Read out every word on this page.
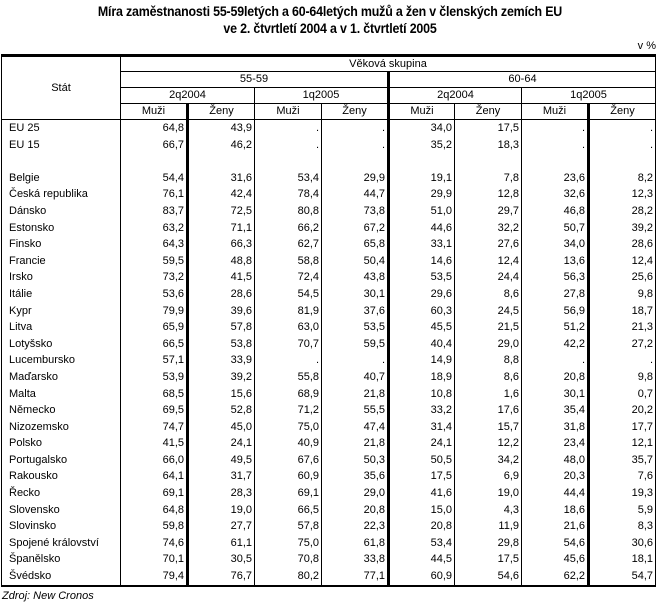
Míra zaměstnanosti 55-59letých a 60-64letých mužů a žen v členských zemích EU
ve 2. čtvrtletí 2004 a v 1. čtvrtletí 2005
v %
Stát	Věková skupina							
	55-59				60-64			
	2q2004		1q2005		2q2004		1q2005	
	Muži	Ženy	Muži	Ženy	Muži	Ženy	Muži	Ženy
EU 25	64,8	43,9	.	.	34,0	17,5	.	.
EU 15	66,7	46,2	.	.	35,2	18,3	.	.

Belgie	54,4	31,6	53,4	29,9	19,1	7,8	23,6	8,2
Česká republika	76,1	42,4	78,4	44,7	29,9	12,8	32,6	12,3
Dánsko	83,7	72,5	80,8	73,8	51,0	29,7	46,8	28,2
Estonsko	63,2	71,1	66,2	67,2	44,6	32,2	50,7	39,2
Finsko	64,3	66,3	62,7	65,8	33,1	27,6	34,0	28,6
Francie	59,5	48,8	58,8	50,4	14,6	12,4	13,6	12,4
Irsko	73,2	41,5	72,4	43,8	53,5	24,4	56,3	25,6
Itálie	53,6	28,6	54,5	30,1	29,6	8,6	27,8	9,8
Kypr	79,9	39,6	81,9	37,6	60,3	24,5	56,9	18,7
Litva	65,9	57,8	63,0	53,5	45,5	21,5	51,2	21,3
Lotyšsko	66,5	53,8	70,7	59,5	40,4	29,0	42,2	27,2
Lucembursko	57,1	33,9	.	.	14,9	8,8	.	.
Maďarsko	53,9	39,2	55,8	40,7	18,9	8,6	20,8	9,8
Malta	68,5	15,6	68,9	21,8	10,8	1,6	30,1	0,7
Německo	69,5	52,8	71,2	55,5	33,2	17,6	35,4	20,2
Nizozemsko	74,7	45,0	75,0	47,4	31,4	15,7	31,8	17,7
Polsko	41,5	24,1	40,9	21,8	24,1	12,2	23,4	12,1
Portugalsko	66,0	49,5	67,6	50,3	50,5	34,2	48,0	35,7
Rakousko	64,1	31,7	60,9	35,6	17,5	6,9	20,3	7,6
Řecko	69,1	28,3	69,1	29,0	41,6	19,0	44,4	19,3
Slovensko	64,8	19,0	66,5	20,8	15,0	4,3	18,6	5,9
Slovinsko	59,8	27,7	57,8	22,3	20,8	11,9	21,6	8,3
Spojené království	74,6	61,1	75,0	61,8	53,4	29,8	54,6	30,6
Španělsko	70,1	30,5	70,8	33,8	44,5	17,5	45,6	18,1
Švédsko	79,4	76,7	80,2	77,1	60,9	54,6	62,2	54,7
Zdroj: New Cronos
